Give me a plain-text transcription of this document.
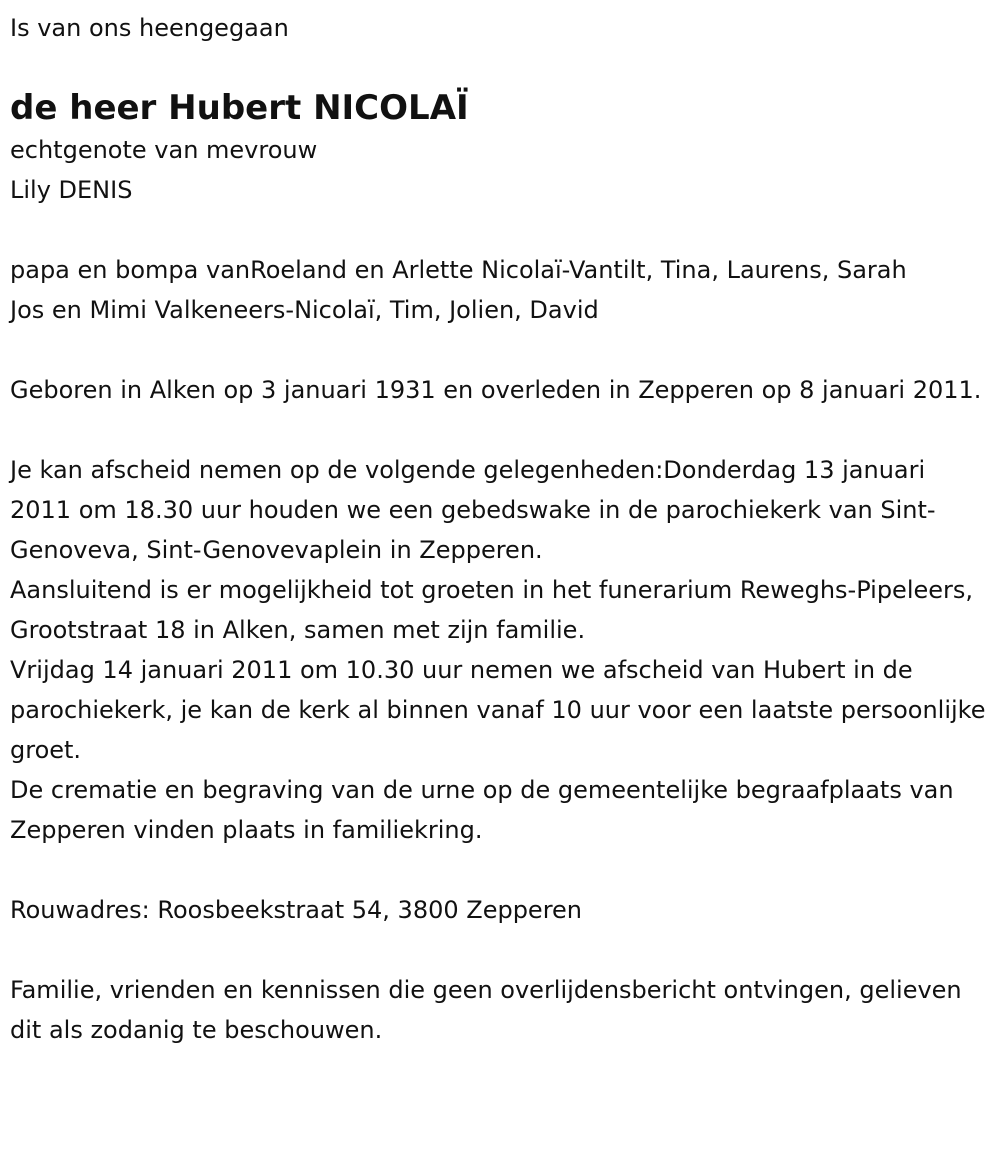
Is van ons heengegaan

de heer Hubert NICOLAÏ

echtgenote van mevrouw

Lily DENIS

papa en bompa vanRoeland en Arlette Nicolaï-Vantilt, Tina, Laurens, Sarah

Jos en Mimi Valkeneers-Nicolaï, Tim, Jolien, David

Geboren in Alken op 3 januari 1931 en overleden in Zepperen op 8 januari 2011.

Je kan afscheid nemen op de volgende gelegenheden:Donderdag 13 januari 2011 om 18.30 uur houden we een gebedswake in de parochiekerk van Sint-Genoveva, Sint-Genovevaplein in Zepperen.

Aansluitend is er mogelijkheid tot groeten in het funerarium Reweghs-Pipeleers, Grootstraat 18 in Alken, samen met zijn familie.

Vrijdag 14 januari 2011 om 10.30 uur nemen we afscheid van Hubert in de parochiekerk, je kan de kerk al binnen vanaf 10 uur voor een laatste persoonlijke groet.

De crematie en begraving van de urne op de gemeentelijke begraafplaats van Zepperen vinden plaats in familiekring.

Rouwadres: Roosbeekstraat 54, 3800 Zepperen

Familie, vrienden en kennissen die geen overlijdensbericht ontvingen, gelieven dit als zodanig te beschouwen.
